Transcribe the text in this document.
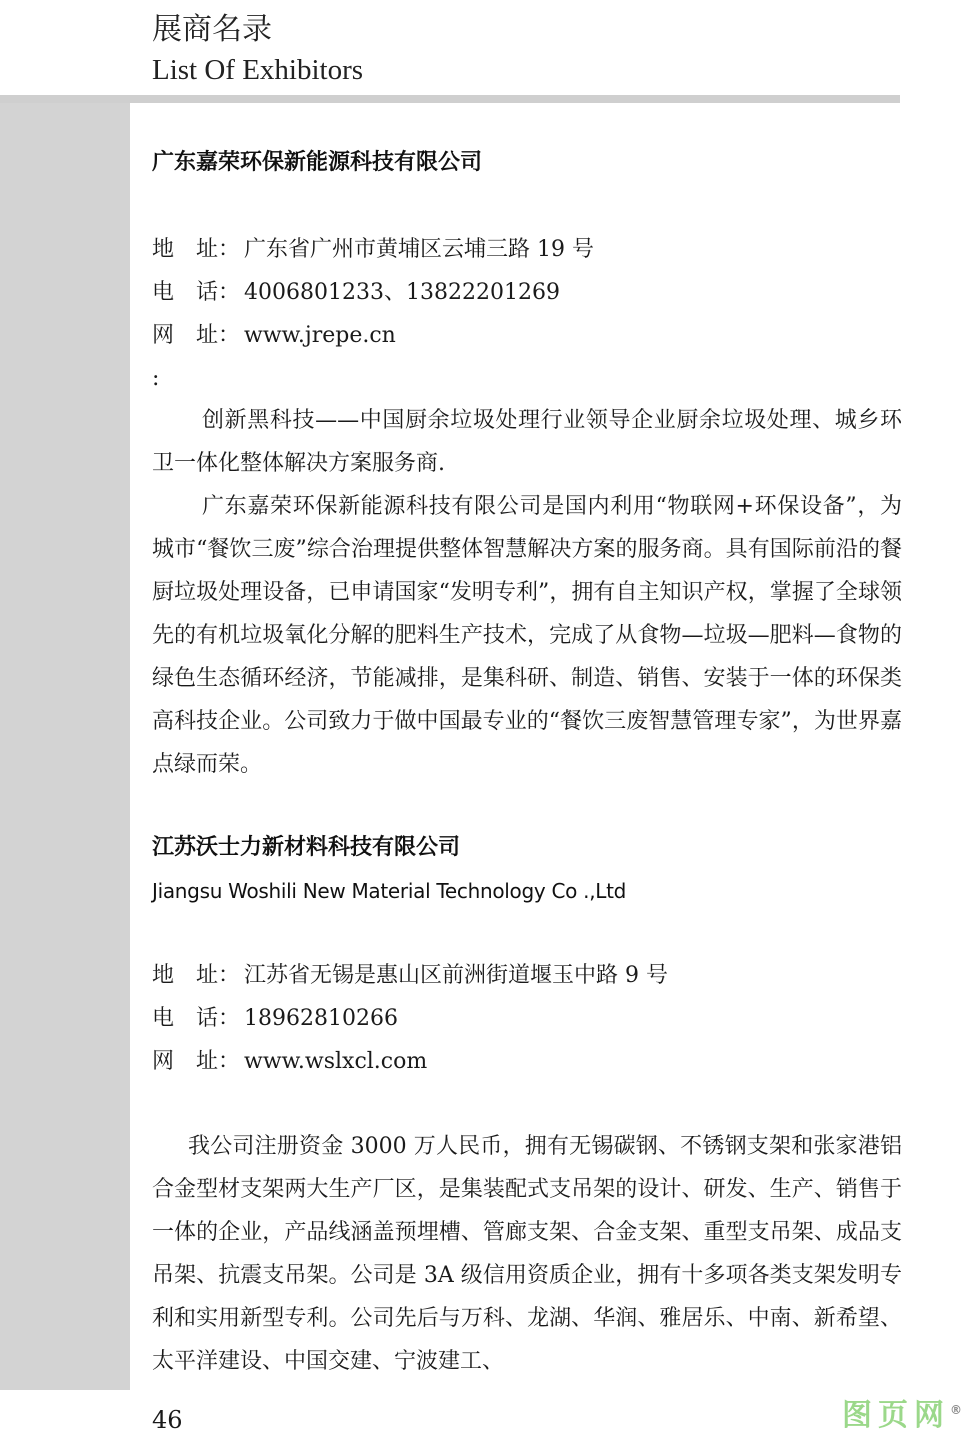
展商名录
List Of Exhibitors
广东嘉荣环保新能源科技有限公司
地　址： 广东省广州市黄埔区云埔三路 19 号
电　话： 4006801233、13822201269
网　址： www.jrepe.cn
:

创新黑科技——中国厨余垃圾处理行业领导企业厨余垃圾处理、城乡环卫一体化整体解决方案服务商.

广东嘉荣环保新能源科技有限公司是国内利用“物联网+环保设备”，为城市“餐饮三废”综合治理提供整体智慧解决方案的服务商。具有国际前沿的餐厨垃圾处理设备，已申请国家“发明专利”，拥有自主知识产权，掌握了全球领先的有机垃圾氧化分解的肥料生产技术，完成了从食物—垃圾—肥料—食物的绿色生态循环经济，节能减排，是集科研、制造、销售、安装于一体的环保类高科技企业。公司致力于做中国最专业的“餐饮三废智慧管理专家”，为世界嘉点绿而荣。

江苏沃士力新材料科技有限公司
Jiangsu Woshili New Material Technology Co .,Ltd
地　址： 江苏省无锡是惠山区前洲街道堰玉中路 9 号
电　话： 18962810266
网　址： www.wslxcl.com

我公司注册资金 3000 万人民币，拥有无锡碳钢、不锈钢支架和张家港铝合金型材支架两大生产厂区，是集装配式支吊架的设计、研发、生产、销售于一体的企业，产品线涵盖预埋槽、管廊支架、合金支架、重型支吊架、成品支吊架、抗震支吊架。公司是 3A 级信用资质企业，拥有十多项各类支架发明专利和实用新型专利。公司先后与万科、龙湖、华润、雅居乐、中南、新希望、太平洋建设、中国交建、宁波建工、

46	图页网®
